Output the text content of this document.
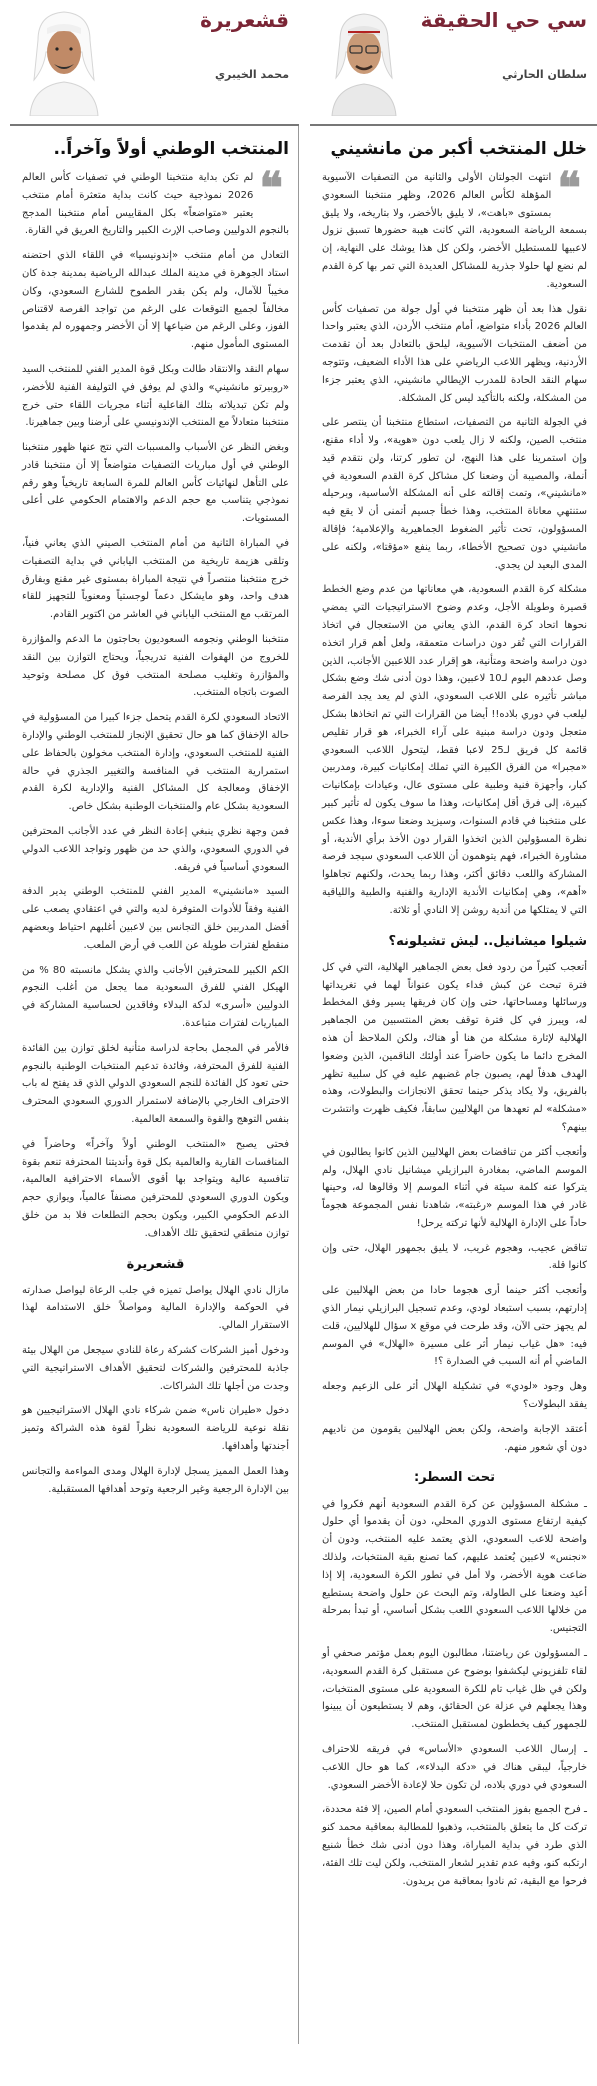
سي حي الحقيقة
سلطان الحارثي
خلل المنتخب أكبر من مانشيني
❝

انتهت الجولتان الأولى والثانية من التصفيات الآسيوية المؤهلة لكأس العالم 2026، وظهر منتخبنا السعودي بمستوى «باهت»، لا يليق بالأخضر، ولا بتاريخه، ولا يليق بسمعة الرياضة السعودية، التي كانت هيبة حضورها تسبق نزول لاعبيها للمستطيل الأخضر، ولكن كل هذا يوشك على النهاية، إن لم نضع لها حلولا جذرية للمشاكل العديدة التي تمر بها كرة القدم السعودية.

نقول هذا بعد أن ظهر منتخبنا في أول جولة من تصفيات كأس العالم 2026 بأداء متواضع، أمام منتخب الأردن، الذي يعتبر واحدا من أضعف المنتخبات الآسيوية، ليلحق بالتعادل بعد أن تقدمت الأردنية، ويظهر اللاعب الرياضي على هذا الأداء الضعيف، وتتوجه سهام النقد الحادة للمدرب الإيطالي مانشيني، الذي يعتبر جزءا من المشكلة، ولكنه بالتأكيد ليس كل المشكلة.

في الجولة الثانية من التصفيات، استطاع منتخبنا أن ينتصر على منتخب الصين، ولكنه لا زال يلعب دون «هوية»، ولا أداء مقنع، وإن استمرينا على هذا النهج، لن تطور كرتنا، ولن نتقدم قيد أنملة، والمصيبة أن وضعنا كل مشاكل كرة القدم السعودية في «مانشيني»، وتمت إقالته على أنه المشكلة الأساسية، وبرحيله ستنتهي معاناة المنتخب، وهذا خطأ جسيم أتمنى أن لا يقع فيه المسؤولون، تحت تأثير الضغوط الجماهيرية والإعلامية؛ فإقالة مانشيني دون تصحيح الأخطاء، ربما ينفع «مؤقتا»، ولكنه على المدى البعيد لن يجدي.

مشكلة كرة القدم السعودية، هي معاناتها من عدم وضع الخطط قصيرة وطويلة الأجل، وعدم وضوح الاستراتيجيات التي يمضي نحوها اتحاد كرة القدم، الذي يعاني من الاستعجال في اتخاذ القرارات التي تُقر دون دراسات متعمقة، ولعل أهم قرار اتخذه دون دراسة واضحة ومتأنية، هو إقرار عدد اللاعبين الأجانب، الذين وصل عددهم اليوم لـ10 لاعبين، وهذا دون أدنى شك وضع بشكل مباشر تأثيره على اللاعب السعودي، الذي لم يعد يجد الفرصة ليلعب في دوري بلاده!! أيضا من القرارات التي تم اتخاذها بشكل متعجل ودون دراسة مبنية على آراء الخبراء، هو قرار تقليص قائمة كل فريق لـ25 لاعبا فقط، ليتحول اللاعب السعودي «مجبرا» من الفرق الكبيرة التي تملك إمكانيات كبيرة، ومدربين كبار، وأجهزة فنية وطبية على مستوى عال، وعيادات بإمكانيات كبيرة، إلى فرق أقل إمكانيات، وهذا ما سوف يكون له تأثير كبير على منتخبنا في قادم السنوات، وسيزيد وضعنا سوءا، وهذا عكس نظرة المسؤولين الذين اتخذوا القرار دون الأخذ برأي الأندية، أو مشاورة الخبراء، فهم يتوهمون أن اللاعب السعودي سيجد فرصة المشاركة واللعب دقائق أكثر، وهذا ربما يحدث، ولكنهم تجاهلوا «أهم»، وهي إمكانيات الأندية الإدارية والفنية والطبية واللياقية التي لا يمتلكها من أندية روشن إلا النادي أو ثلاثة.

شيلوا ميشانيل.. ليش تشيلونه؟

أتعجب كثيراً من ردود فعل بعض الجماهير الهلالية، التي في كل فترة تبحث عن كبش فداء يكون عنواناً لهما في تغريداتها ورسائلها ومساحاتها، حتى وإن كان فريقها يسير وفق المخطط له، ويبرز في كل فترة توقف بعض المنتسبين من الجماهير الهلالية لإثارة مشكلة من هنا أو هناك، ولكن الملاحظ أن هذه المخرج دائما ما يكون حاضراً عند أولئك الناقمين، الذين وضعوا الهدف هدفاً لهم، يصبون جام غضبهم عليه في كل سلبية تظهر بالفريق، ولا يكاد يذكر حينما تحقق الانجازات والبطولات، وهذه «مشكلة» لم تعهدها من الهلاليين سابقاً، فكيف ظهرت وانتشرت بينهم؟

وأتعجب أكثر من تناقضات بعض الهلاليين الذين كانوا يطالبون في الموسم الماضي، بمغادرة البرازيلي ميشانيل نادي الهلال، ولم يتركوا عنه كلمة سيئة في أثناء الموسم إلا وقالوها له، وحينها غادر في هذا الموسم «رغبته»، شاهدنا نفس المجموعة هجوماً حاداً على الإدارة الهلالية لأنها تركته يرحل!

تناقض عجيب، وهجوم غريب، لا يليق بجمهور الهلال، حتى وإن كانوا قلة.

وأتعجب أكثر حينما أرى هجوما حادا من بعض الهلاليين على إدارتهم، بسبب استبعاد لودي، وعدم تسجيل البرازيلي نيمار الذي لم يجهز حتى الآن، وقد طرحت في موقع x سؤال للهلاليين، قلت فيه: «هل غياب نيمار أثر على مسيرة «الهلال» في الموسم الماضي أم أنه السبب في الصدارة ؟!

وهل وجود «لودي» في تشكيلة الهلال أثر على الزعيم وجعله يفقد البطولات؟

أعتقد الإجابة واضحة، ولكن بعض الهلاليين يقومون من ناديهم دون أي شعور منهم.

تحت السطر:

ـ مشكلة المسؤولين عن كرة القدم السعودية أنهم فكروا في كيفية ارتفاع مستوى الدوري المحلي، دون أن يقدموا أي حلول واضحة للاعب السعودي، الذي يعتمد عليه المنتخب، ودون أن «نجنس» لاعبين يُعتمد عليهم، كما تصنع بقية المنتخبات، ولذلك ضاعت هوية الأخضر، ولا أمل في تطور الكرة السعودية، إلا إذا أعيد وضعنا على الطاولة، وتم البحث عن حلول واضحة يستطيع من خلالها اللاعب السعودي اللعب بشكل أساسي، أو تبدأ بمرحلة التجنيس.

ـ المسؤولون عن رياضتنا، مطالبون اليوم بعمل مؤتمر صحفي أو لقاء تلفزيوني ليكشفوا بوضوح عن مستقبل كرة القدم السعودية، ولكن في ظل غياب تام للكرة السعودية على مستوى المنتخبات، وهذا يجعلهم في عزلة عن الحقائق، وهم لا يستطيعون أن يبينوا للجمهور كيف يخططون لمستقبل المنتخب.

ـ إرسال اللاعب السعودي «الأساس» في فريقه للاحتراف خارجياً، ليبقى هناك في «دكة البدلاء»، كما هو حال اللاعب السعودي في دوري بلاده، لن تكون حلا لإعادة الأخضر السعودي.

ـ فرح الجميع بفوز المنتخب السعودي أمام الصين، إلا فئة محددة، تركت كل ما يتعلق بالمنتخب، وذهبوا للمطالبة بمعاقبة محمد كنو الذي طرد في بداية المباراة، وهذا دون أدنى شك خطأ شنيع ارتكبه كنو، وفيه عدم تقدير لشعار المنتخب، ولكن ليت تلك الفئة، فرحوا مع البقية، ثم نادوا بمعاقبة من يريدون.

قشعريرة
محمد الخيبري
المنتخب الوطني أولاً وآخراً..
❝

لم تكن بداية منتخبنا الوطني في تصفيات كأس العالم 2026 نموذجية حيث كانت بداية متعثرة أمام منتخب يعتبر «متواضعاً» بكل المقاييس أمام منتخبنا المدجج بالنجوم الدوليين وصاحب الإرث الكبير والتاريخ العريق في القارة.

التعادل من أمام منتخب «إندونيسيا» في اللقاء الذي احتضنه استاد الجوهرة في مدينة الملك عبدالله الرياضية بمدينة جدة كان مخيباً للآمال، ولم يكن بقدر الطموح للشارع السعودي، وكان مخالفاً لجميع التوقعات على الرغم من تواجد الفرصة لاقتناص الفوز، وعلى الرغم من ضياعها إلا أن الأخضر وجمهوره لم يقدموا المستوى المأمول منهم.

سهام النقد والانتقاد طالت وبكل قوة المدير الفني للمنتخب السيد «روبيرتو مانشيني» والذي لم يوفق في التوليفة الفنية للأخضر، ولم تكن تبديلاته بتلك الفاعلية أثناء مجريات اللقاء حتى خرج منتخبنا متعادلاً مع المنتخب الإندونيسي على أرضنا وبين جماهيرنا.

وبغض النظر عن الأسباب والمسببات التي نتج عنها ظهور منتخبنا الوطني في أول مباريات التصفيات متواضعاً إلا أن منتخبنا قادر على التأهل لنهائيات كأس العالم للمرة السابعة تاريخياً وهو رقم نموذجي يتناسب مع حجم الدعم والاهتمام الحكومي على أعلى المستويات.

في المباراة الثانية من أمام المنتخب الصيني الذي يعاني فنياً، وتلقى هزيمة تاريخية من المنتخب الياباني في بداية التصفيات خرج منتخبنا منتصراً في نتيجة المباراة بمستوى غير مقنع وبفارق هدف واحد، وهو مايشكل دعماً لوجستياً ومعنوياً للتجهيز للقاء المرتقب مع المنتخب الياباني في العاشر من اكتوبر القادم.

منتخبنا الوطني ونجومه السعوديون بحاجتون ما الدعم والمؤازرة للخروج من الهفوات الفنية تدريجياً، ويحتاج التوازن بين النقد والمؤازرة وتغليب مصلحة المنتخب فوق كل مصلحة وتوحيد الصوت باتجاه المنتخب.

الاتحاد السعودي لكرة القدم يتحمل جزءا كبيرا من المسؤولية في حالة الإخفاق كما هو حال تحقيق الإنجاز للمنتخب الوطني والإدارة الفنية للمنتخب السعودي، وإدارة المنتخب مخولون بالحفاظ على استمرارية المنتخب في المنافسة والتغيير الجذري في حالة الإخفاق ومعالجة كل المشاكل الفنية والإدارية لكرة القدم السعودية بشكل عام والمنتخبات الوطنية بشكل خاص.

فمن وجهة نظري ينبغي إعادة النظر في عدد الأجانب المحترفين في الدوري السعودي، والذي حد من ظهور وتواجد اللاعب الدولي السعودي أساسياً في فريقه.

السيد «مانشيني» المدير الفني للمنتخب الوطني يدير الدفة الفنية وفقاً للأدوات المتوفرة لديه والتي في اعتقادي يصعب على أفضل المدربين خلق التجانس بين لاعبين أغلبهم احتياط وبعضهم منقطع لفترات طويلة عن اللعب في أرض الملعب.

الكم الكبير للمحترفين الأجانب والذي يشكل مانسبته 80 % من الهيكل الفني للفرق السعودية مما يجعل من أغلب النجوم الدوليين «أسرى» لدكة البدلاء وفاقدين لحساسية المشاركة في المباريات لفترات متباعدة.

فالأمر في المجمل بحاجة لدراسة متأنية لخلق توازن بين الفائدة الفنية للفرق المحترفة، وفائدة تدعيم المنتخبات الوطنية بالنجوم حتى تعود كل الفائدة للنجم السعودي الدولي الذي قد يفتح له باب الاحتراف الخارجي بالإضافة لاستمرار الدوري السعودي المحترف بنفس التوهج والقوة والسمعة العالمية.

فحتى يصبح «المنتخب الوطني أولاً وآخراً» وحاضراً في المنافسات القارية والعالمية بكل قوة وأنديتنا المحترفة تنعم بقوة تنافسية عالية ويتواجد بها أقوى الأسماء الاحترافية العالمية، ويكون الدوري السعودي للمحترفين مصنفاً عالمياً، ويوازي حجم الدعم الحكومي الكبير، ويكون بحجم التطلعات فلا بد من خلق توازن منطقي لتحقيق تلك الأهداف.

قشعريرة

مازال نادي الهلال يواصل تميزه في جلب الرعاة ليواصل صدارته في الحوكمة والإدارة المالية ومواصلاً خلق الاستدامة لهذا الاستقرار المالي.

ودخول أميز الشركات كشركة رعاة للنادي سيجعل من الهلال بيئة جاذبة للمحترفين والشركات لتحقيق الأهداف الاستراتيجية التي وجدت من أجلها تلك الشراكات.

دخول «طيران ناس» ضمن شركاء نادي الهلال الاستراتيجيين هو نقلة نوعية للرياضة السعودية نظراً لقوة هذه الشراكة وتميز أجندتها وأهدافها.

وهذا العمل المميز يسجل لإدارة الهلال ومدى المواءمة والتجانس بين الإدارة الرجعية وغير الرجعية وتوحد أهدافها المستقبلية.
